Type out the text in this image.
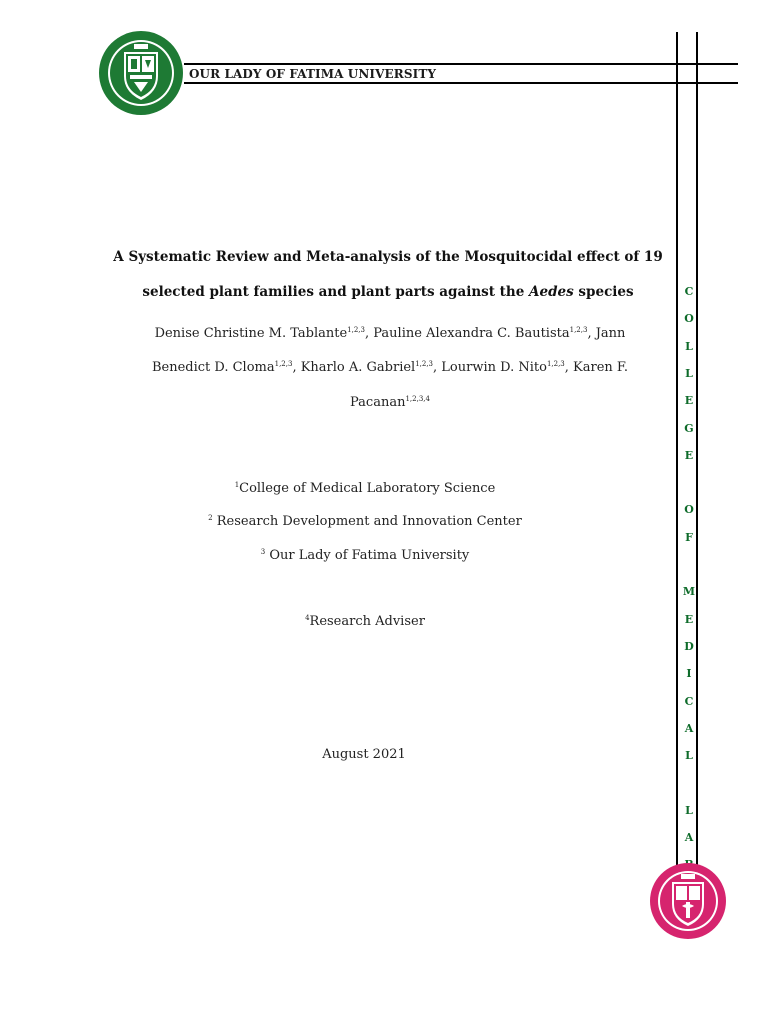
OUR LADY OF FATIMA UNIVERSITY
C
O
L
L
E
G
E
O
F
M
E
D
I
C
A
L
L
A
A Systematic Review and Meta-analysis of the Mosquitocidal effect of 19
selected plant families and plant parts against the Aedes species
Denise Christine M. Tablante$^{1,2,3}$, Pauline Alexandra C. Bautista$^{1,2,3}$, Jann
Benedict D. Cloma$^{1,2,3}$, Kharlo A. Gabriel$^{1,2,3}$, Lourwin D. Nito$^{1,2,3}$, Karen F.
Pacanan$^{1,2,3,4}$
$^1$College of Medical Laboratory Science
$^2$ Research Development and Innovation Center
$^3$ Our Lady of Fatima University
$^4$Research Adviser
August 2021
